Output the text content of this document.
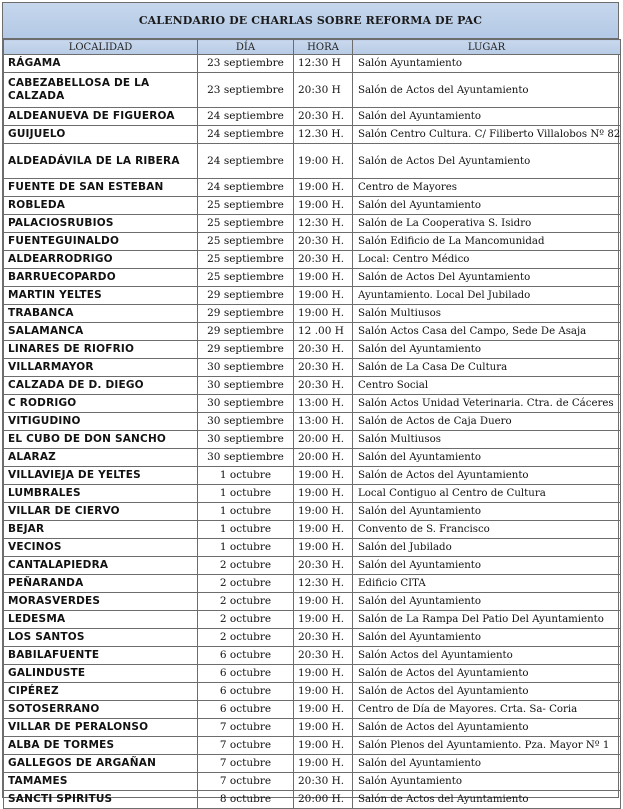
CALENDARIO DE CHARLAS SOBRE REFORMA DE PAC
LOCALIDAD	DÍA	HORA	LUGAR
RÁGAMA	23 septiembre	12:30 H	Salón Ayuntamiento
CABEZABELLOSA DE LA CALZADA	23 septiembre	20:30 H	Salón de Actos del Ayuntamiento
ALDEANUEVA DE FIGUEROA	24 septiembre	20:30 H.	Salón del Ayuntamiento
GUIJUELO	24 septiembre	12.30 H.	Salón Centro Cultura. C/ Filiberto Villalobos Nº 82
ALDEADÁVILA DE LA RIBERA	24 septiembre	19:00 H.	Salón de Actos Del Ayuntamiento
FUENTE DE SAN ESTEBAN	24 septiembre	19:00 H.	Centro de Mayores
ROBLEDA	25 septiembre	19:00 H.	Salón del Ayuntamiento
PALACIOSRUBIOS	25 septiembre	12:30 H.	Salón de La Cooperativa S. Isidro
FUENTEGUINALDO	25 septiembre	20:30 H.	Salón Edificio de La Mancomunidad
ALDEARRODRIGO	25 septiembre	20:30 H.	Local: Centro Médico
BARRUECOPARDO	25 septiembre	19:00 H.	Salón de Actos Del Ayuntamiento
MARTIN YELTES	29 septiembre	19:00 H.	Ayuntamiento. Local Del Jubilado
TRABANCA	29 septiembre	19:00 H.	Salón Multiusos
SALAMANCA	29 septiembre	12 .00 H	Salón Actos Casa del Campo, Sede De Asaja
LINARES DE RIOFRIO	29 septiembre	20:30 H.	Salón del Ayuntamiento
VILLARMAYOR	30 septiembre	20:30 H.	Salón de La Casa De Cultura
CALZADA DE D. DIEGO	30 septiembre	20:30 H.	Centro Social
C RODRIGO	30 septiembre	13:00 H.	Salón Actos Unidad Veterinaria. Ctra. de Cáceres
VITIGUDINO	30 septiembre	13:00 H.	Salón de Actos de Caja Duero
EL CUBO DE DON SANCHO	30 septiembre	20:00 H.	Salón Multiusos
ALARAZ	30 septiembre	20:00 H.	Salón del Ayuntamiento
VILLAVIEJA DE YELTES	1 octubre	19:00 H.	Salón de Actos del Ayuntamiento
LUMBRALES	1 octubre	19:00 H.	Local Contiguo al Centro de Cultura
VILLAR DE CIERVO	1 octubre	19:00 H.	Salón del Ayuntamiento
BEJAR	1 octubre	19:00 H.	Convento de S. Francisco
VECINOS	1 octubre	19:00 H.	Salón del Jubilado
CANTALAPIEDRA	2 octubre	20:30 H.	Salón del Ayuntamiento
PEÑARANDA	2 octubre	12:30 H.	Edificio CITA
MORASVERDES	2 octubre	19:00 H.	Salón del Ayuntamiento
LEDESMA	2 octubre	19:00 H.	Salón de La Rampa Del Patio Del Ayuntamiento
LOS SANTOS	2 octubre	20:30 H.	Salón del Ayuntamiento
BABILAFUENTE	6 octubre	20:30 H.	Salón Actos del Ayuntamiento
GALINDUSTE	6 octubre	19:00 H.	Salón de Actos del Ayuntamiento
CIPÉREZ	6 octubre	19:00 H.	Salón de Actos del Ayuntamiento
SOTOSERRANO	6 octubre	19:00 H.	Centro de Día de Mayores. Crta. Sa- Coria
VILLAR DE PERALONSO	7 octubre	19:00 H.	Salón de Actos del Ayuntamiento
ALBA DE TORMES	7 octubre	19:00 H.	Salón Plenos del Ayuntamiento. Pza. Mayor Nº 1
GALLEGOS DE ARGAÑAN	7 octubre	19:00 H.	Salón del Ayuntamiento
TAMAMES	7 octubre	20:30 H.	Salón Ayuntamiento
SANCTI SPIRITUS	8 octubre	20:00 H.	Salón de Actos del Ayuntamiento
